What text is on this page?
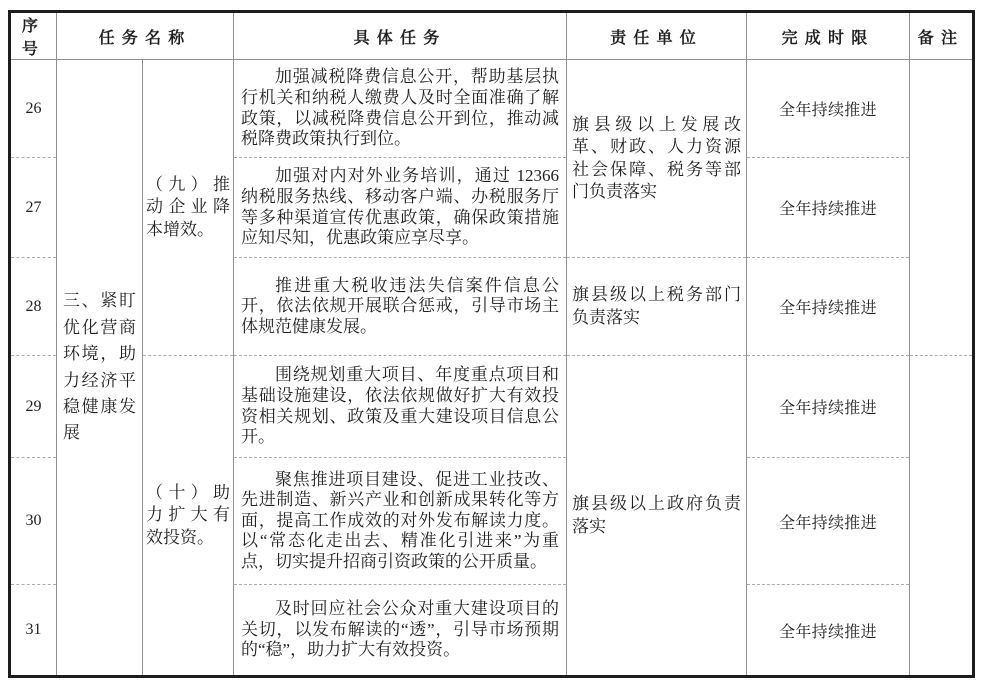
序号	任务名称		具体任务	责任单位	完成时限	备注
26	三、紧盯优化营商环境，助力经济平稳健康发展	（九）推动企业降本增效。	加强减税降费信息公开，帮助基层执行机关和纳税人缴费人及时全面准确了解政策，以减税降费信息公开到位，推动减税降费政策执行到位。	旗县级以上发展改革、财政、人力资源社会保障、税务等部门负责落实	全年持续推进	
27			加强对内对外业务培训，通过 12366 纳税服务热线、移动客户端、办税服务厅等多种渠道宣传优惠政策，确保政策措施应知尽知，优惠政策应享尽享。		全年持续推进	
28			推进重大税收违法失信案件信息公开，依法依规开展联合惩戒，引导市场主体规范健康发展。	旗县级以上税务部门负责落实	全年持续推进	
29		（十）助力扩大有效投资。	围绕规划重大项目、年度重点项目和基础设施建设，依法依规做好扩大有效投资相关规划、政策及重大建设项目信息公开。	旗县级以上政府负责落实	全年持续推进	
30			聚焦推进项目建设、促进工业技改、先进制造、新兴产业和创新成果转化等方面，提高工作成效的对外发布解读力度。以“常态化走出去、精准化引进来”为重点，切实提升招商引资政策的公开质量。		全年持续推进	
31			及时回应社会公众对重大建设项目的关切，以发布解读的“透”，引导市场预期的“稳”，助力扩大有效投资。		全年持续推进	
